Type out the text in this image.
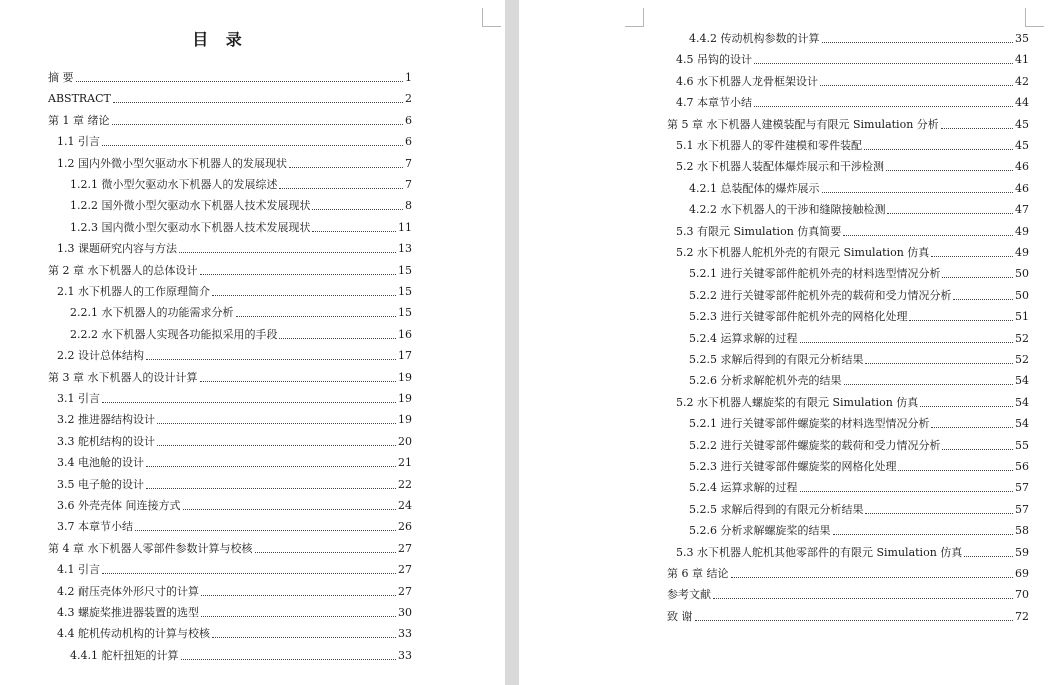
目 录
摘 要	1
ABSTRACT	2
第 1 章 绪论	6
1.1 引言	6
1.2 国内外微小型欠驱动水下机器人的发展现状	7
1.2.1 微小型欠驱动水下机器人的发展综述	7
1.2.2 国外微小型欠驱动水下机器人技术发展现状	8
1.2.3 国内微小型欠驱动水下机器人技术发展现状	11
1.3 课题研究内容与方法	13
第 2 章 水下机器人的总体设计	15
2.1 水下机器人的工作原理简介	15
2.2.1 水下机器人的功能需求分析	15
2.2.2 水下机器人实现各功能拟采用的手段	16
2.2 设计总体结构	17
第 3 章 水下机器人的设计计算	19
3.1 引言	19
3.2 推进器结构设计	19
3.3 舵机结构的设计	20
3.4 电池舱的设计	21
3.5 电子舱的设计	22
3.6 外壳壳体 间连接方式	24
3.7 本章节小结	26
第 4 章 水下机器人零部件参数计算与校核	27
4.1 引言	27
4.2 耐压壳体外形尺寸的计算	27
4.3 螺旋桨推进器装置的选型	30
4.4 舵机传动机构的计算与校核	33
4.4.1 舵杆扭矩的计算	33
4.4.2 传动机构参数的计算	35
4.5 吊钩的设计	41
4.6 水下机器人龙骨框架设计	42
4.7 本章节小结	44
第 5 章 水下机器人建模装配与有限元 Simulation 分析	45
5.1 水下机器人的零件建模和零件装配	45
5.2 水下机器人装配体爆炸展示和干涉检测	46
4.2.1 总装配体的爆炸展示	46
4.2.2 水下机器人的干涉和缝隙接触检测	47
5.3 有限元 Simulation 仿真简要	49
5.2 水下机器人舵机外壳的有限元 Simulation 仿真	49
5.2.1 进行关键零部件舵机外壳的材料选型情况分析	50
5.2.2 进行关键零部件舵机外壳的载荷和受力情况分析	50
5.2.3 进行关键零部件舵机外壳的网格化处理	51
5.2.4 运算求解的过程	52
5.2.5 求解后得到的有限元分析结果	52
5.2.6 分析求解舵机外壳的结果	54
5.2 水下机器人螺旋桨的有限元 Simulation 仿真	54
5.2.1 进行关键零部件螺旋桨的材料选型情况分析	54
5.2.2 进行关键零部件螺旋桨的载荷和受力情况分析	55
5.2.3 进行关键零部件螺旋桨的网格化处理	56
5.2.4 运算求解的过程	57
5.2.5 求解后得到的有限元分析结果	57
5.2.6 分析求解螺旋桨的结果	58
5.3 水下机器人舵机其他零部件的有限元 Simulation 仿真	59
第 6 章 结论	69
参考文献	70
致 谢	72
